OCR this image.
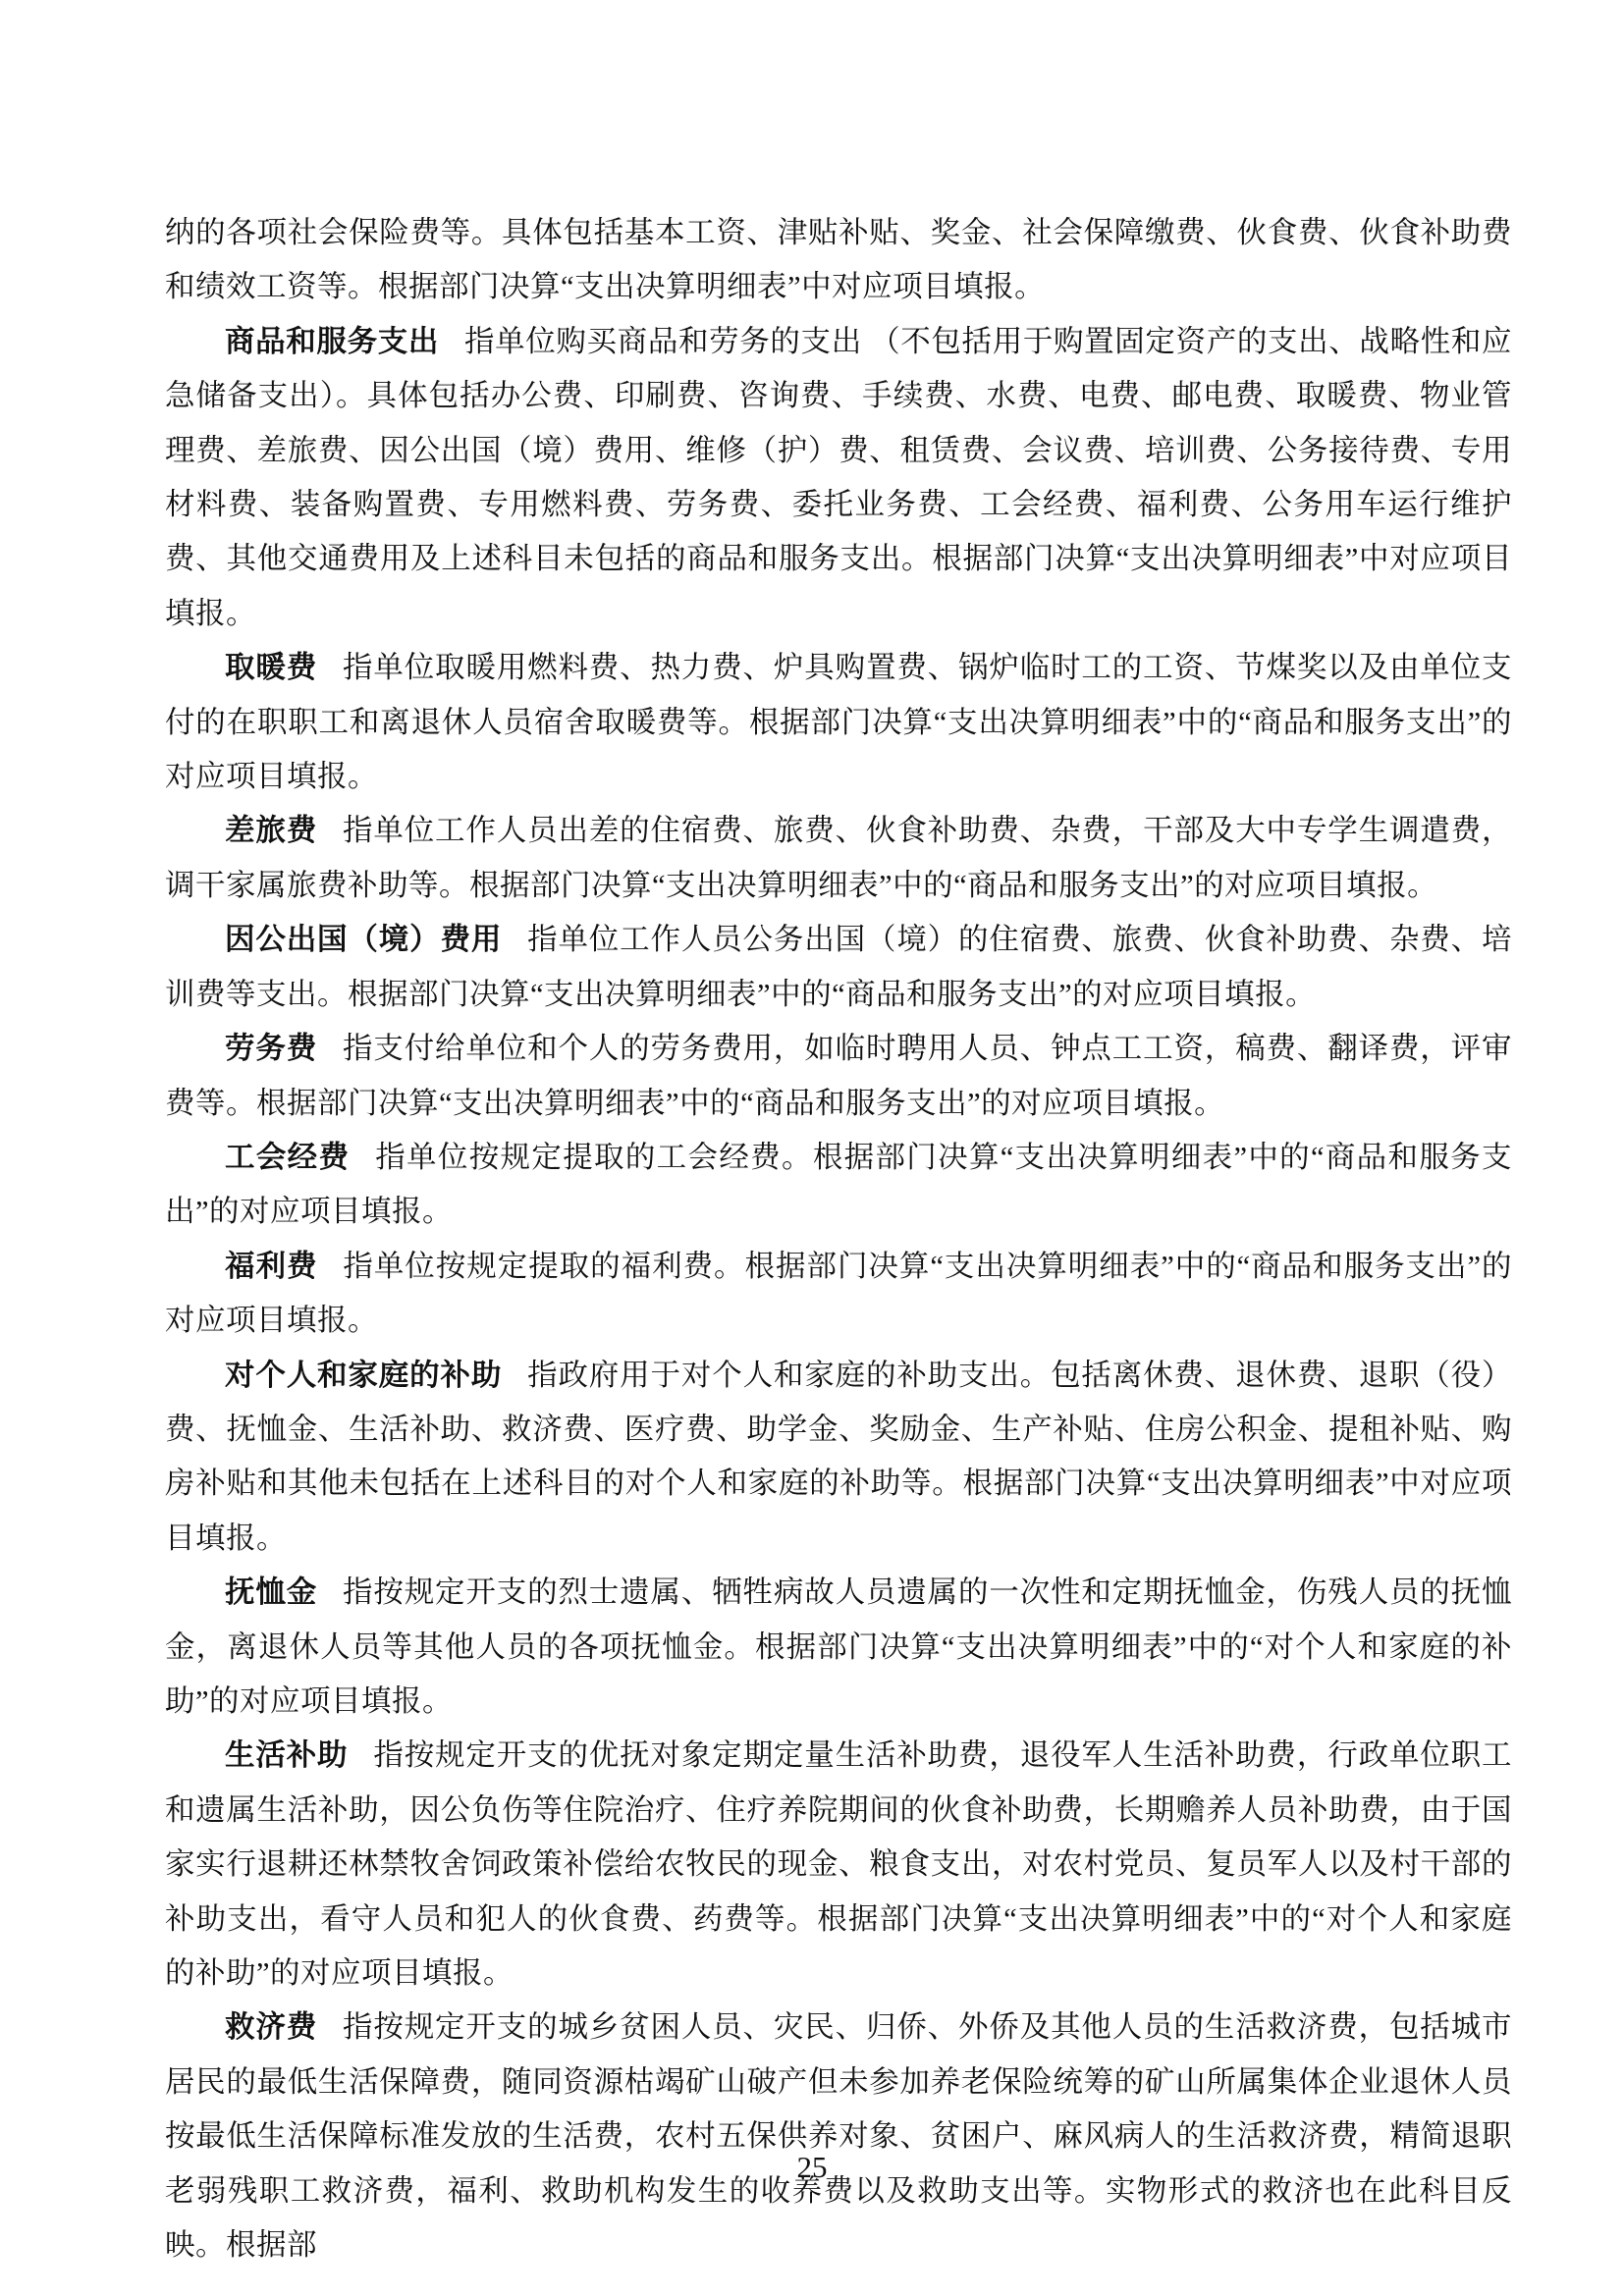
纳的各项社会保险费等。具体包括基本工资、津贴补贴、奖金、社会保障缴费、伙食费、伙食补助费和绩效工资等。根据部门决算“支出决算明细表”中对应项目填报。

商品和服务支出 指单位购买商品和劳务的支出 （不包括用于购置固定资产的支出、战略性和应急储备支出）。具体包括办公费、印刷费、咨询费、手续费、水费、电费、邮电费、取暖费、物业管理费、差旅费、因公出国（境）费用、维修（护）费、租赁费、会议费、培训费、公务接待费、专用材料费、装备购置费、专用燃料费、劳务费、委托业务费、工会经费、福利费、公务用车运行维护费、其他交通费用及上述科目未包括的商品和服务支出。根据部门决算“支出决算明细表”中对应项目填报。

取暖费 指单位取暖用燃料费、热力费、炉具购置费、锅炉临时工的工资、节煤奖以及由单位支付的在职职工和离退休人员宿舍取暖费等。根据部门决算“支出决算明细表”中的“商品和服务支出”的对应项目填报。

差旅费 指单位工作人员出差的住宿费、旅费、伙食补助费、杂费，干部及大中专学生调遣费，调干家属旅费补助等。根据部门决算“支出决算明细表”中的“商品和服务支出”的对应项目填报。

因公出国（境）费用 指单位工作人员公务出国（境）的住宿费、旅费、伙食补助费、杂费、培训费等支出。根据部门决算“支出决算明细表”中的“商品和服务支出”的对应项目填报。

劳务费 指支付给单位和个人的劳务费用，如临时聘用人员、钟点工工资，稿费、翻译费，评审费等。根据部门决算“支出决算明细表”中的“商品和服务支出”的对应项目填报。

工会经费 指单位按规定提取的工会经费。根据部门决算“支出决算明细表”中的“商品和服务支出”的对应项目填报。

福利费 指单位按规定提取的福利费。根据部门决算“支出决算明细表”中的“商品和服务支出”的对应项目填报。

对个人和家庭的补助 指政府用于对个人和家庭的补助支出。包括离休费、退休费、退职（役）费、抚恤金、生活补助、救济费、医疗费、助学金、奖励金、生产补贴、住房公积金、提租补贴、购房补贴和其他未包括在上述科目的对个人和家庭的补助等。根据部门决算“支出决算明细表”中对应项目填报。

抚恤金 指按规定开支的烈士遗属、牺牲病故人员遗属的一次性和定期抚恤金，伤残人员的抚恤金，离退休人员等其他人员的各项抚恤金。根据部门决算“支出决算明细表”中的“对个人和家庭的补助”的对应项目填报。

生活补助 指按规定开支的优抚对象定期定量生活补助费，退役军人生活补助费，行政单位职工和遗属生活补助，因公负伤等住院治疗、住疗养院期间的伙食补助费，长期赡养人员补助费，由于国家实行退耕还林禁牧舍饲政策补偿给农牧民的现金、粮食支出，对农村党员、复员军人以及村干部的补助支出，看守人员和犯人的伙食费、药费等。根据部门决算“支出决算明细表”中的“对个人和家庭的补助”的对应项目填报。

救济费 指按规定开支的城乡贫困人员、灾民、归侨、外侨及其他人员的生活救济费，包括城市居民的最低生活保障费，随同资源枯竭矿山破产但未参加养老保险统筹的矿山所属集体企业退休人员按最低生活保障标准发放的生活费，农村五保供养对象、贫困户、麻风病人的生活救济费，精简退职老弱残职工救济费，福利、救助机构发生的收养费以及救助支出等。实物形式的救济也在此科目反映。根据部

25
